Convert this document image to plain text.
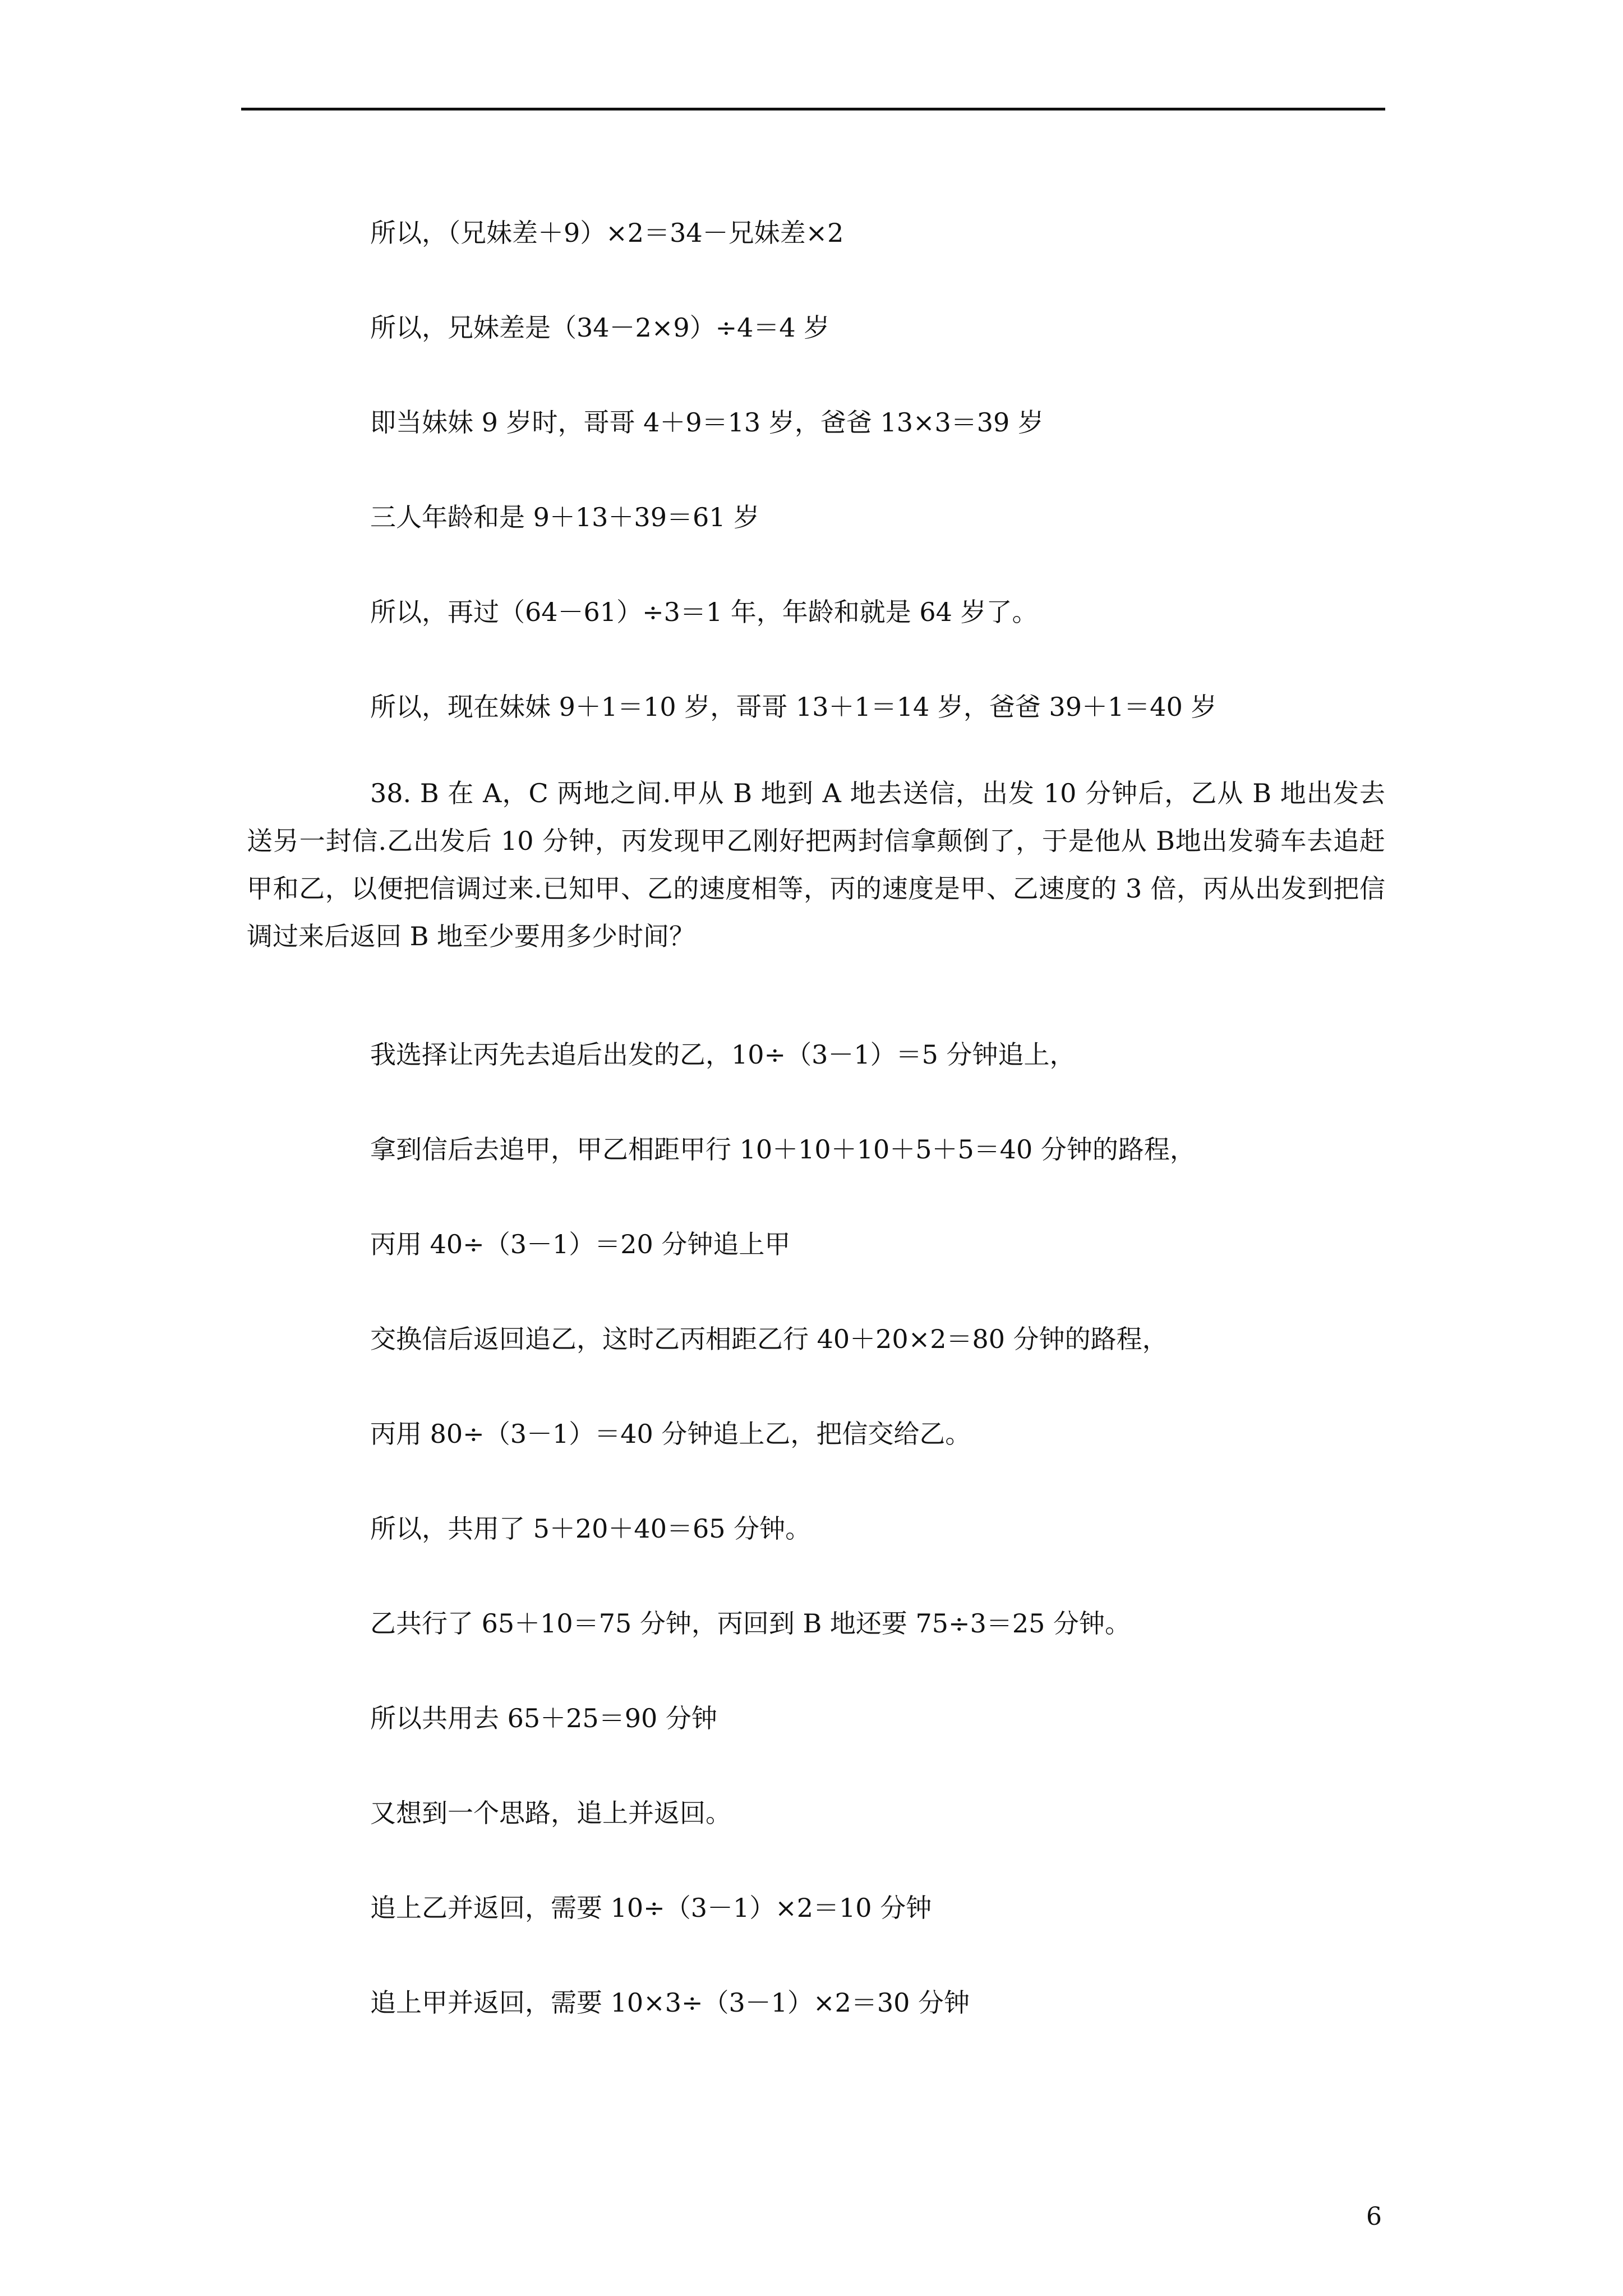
所以，（兄妹差＋9）×2＝34－兄妹差×2
所以，兄妹差是（34－2×9）÷4＝4 岁
即当妹妹 9 岁时，哥哥 4＋9＝13 岁，爸爸 13×3＝39 岁
三人年龄和是 9＋13＋39＝61 岁
所以，再过（64－61）÷3＝1 年，年龄和就是 64 岁了。
所以，现在妹妹 9＋1＝10 岁，哥哥 13＋1＝14 岁，爸爸 39＋1＝40 岁
38. B 在 A，C 两地之间.甲从 B 地到 A 地去送信，出发 10 分钟后，乙从 B 地出发去送另一封信.乙出发后 10 分钟，丙发现甲乙刚好把两封信拿颠倒了，于是他从 B地出发骑车去追赶甲和乙，以便把信调过来.已知甲、乙的速度相等，丙的速度是甲、乙速度的 3 倍，丙从出发到把信调过来后返回 B 地至少要用多少时间？
我选择让丙先去追后出发的乙，10÷（3－1）＝5 分钟追上，
拿到信后去追甲，甲乙相距甲行 10＋10＋10＋5＋5＝40 分钟的路程，
丙用 40÷（3－1）＝20 分钟追上甲
交换信后返回追乙，这时乙丙相距乙行 40＋20×2＝80 分钟的路程，
丙用 80÷（3－1）＝40 分钟追上乙，把信交给乙。
所以，共用了 5＋20＋40＝65 分钟。
乙共行了 65＋10＝75 分钟，丙回到 B 地还要 75÷3＝25 分钟。
所以共用去 65＋25＝90 分钟
又想到一个思路，追上并返回。
追上乙并返回，需要 10÷（3－1）×2＝10 分钟
追上甲并返回，需要 10×3÷（3－1）×2＝30 分钟
6
